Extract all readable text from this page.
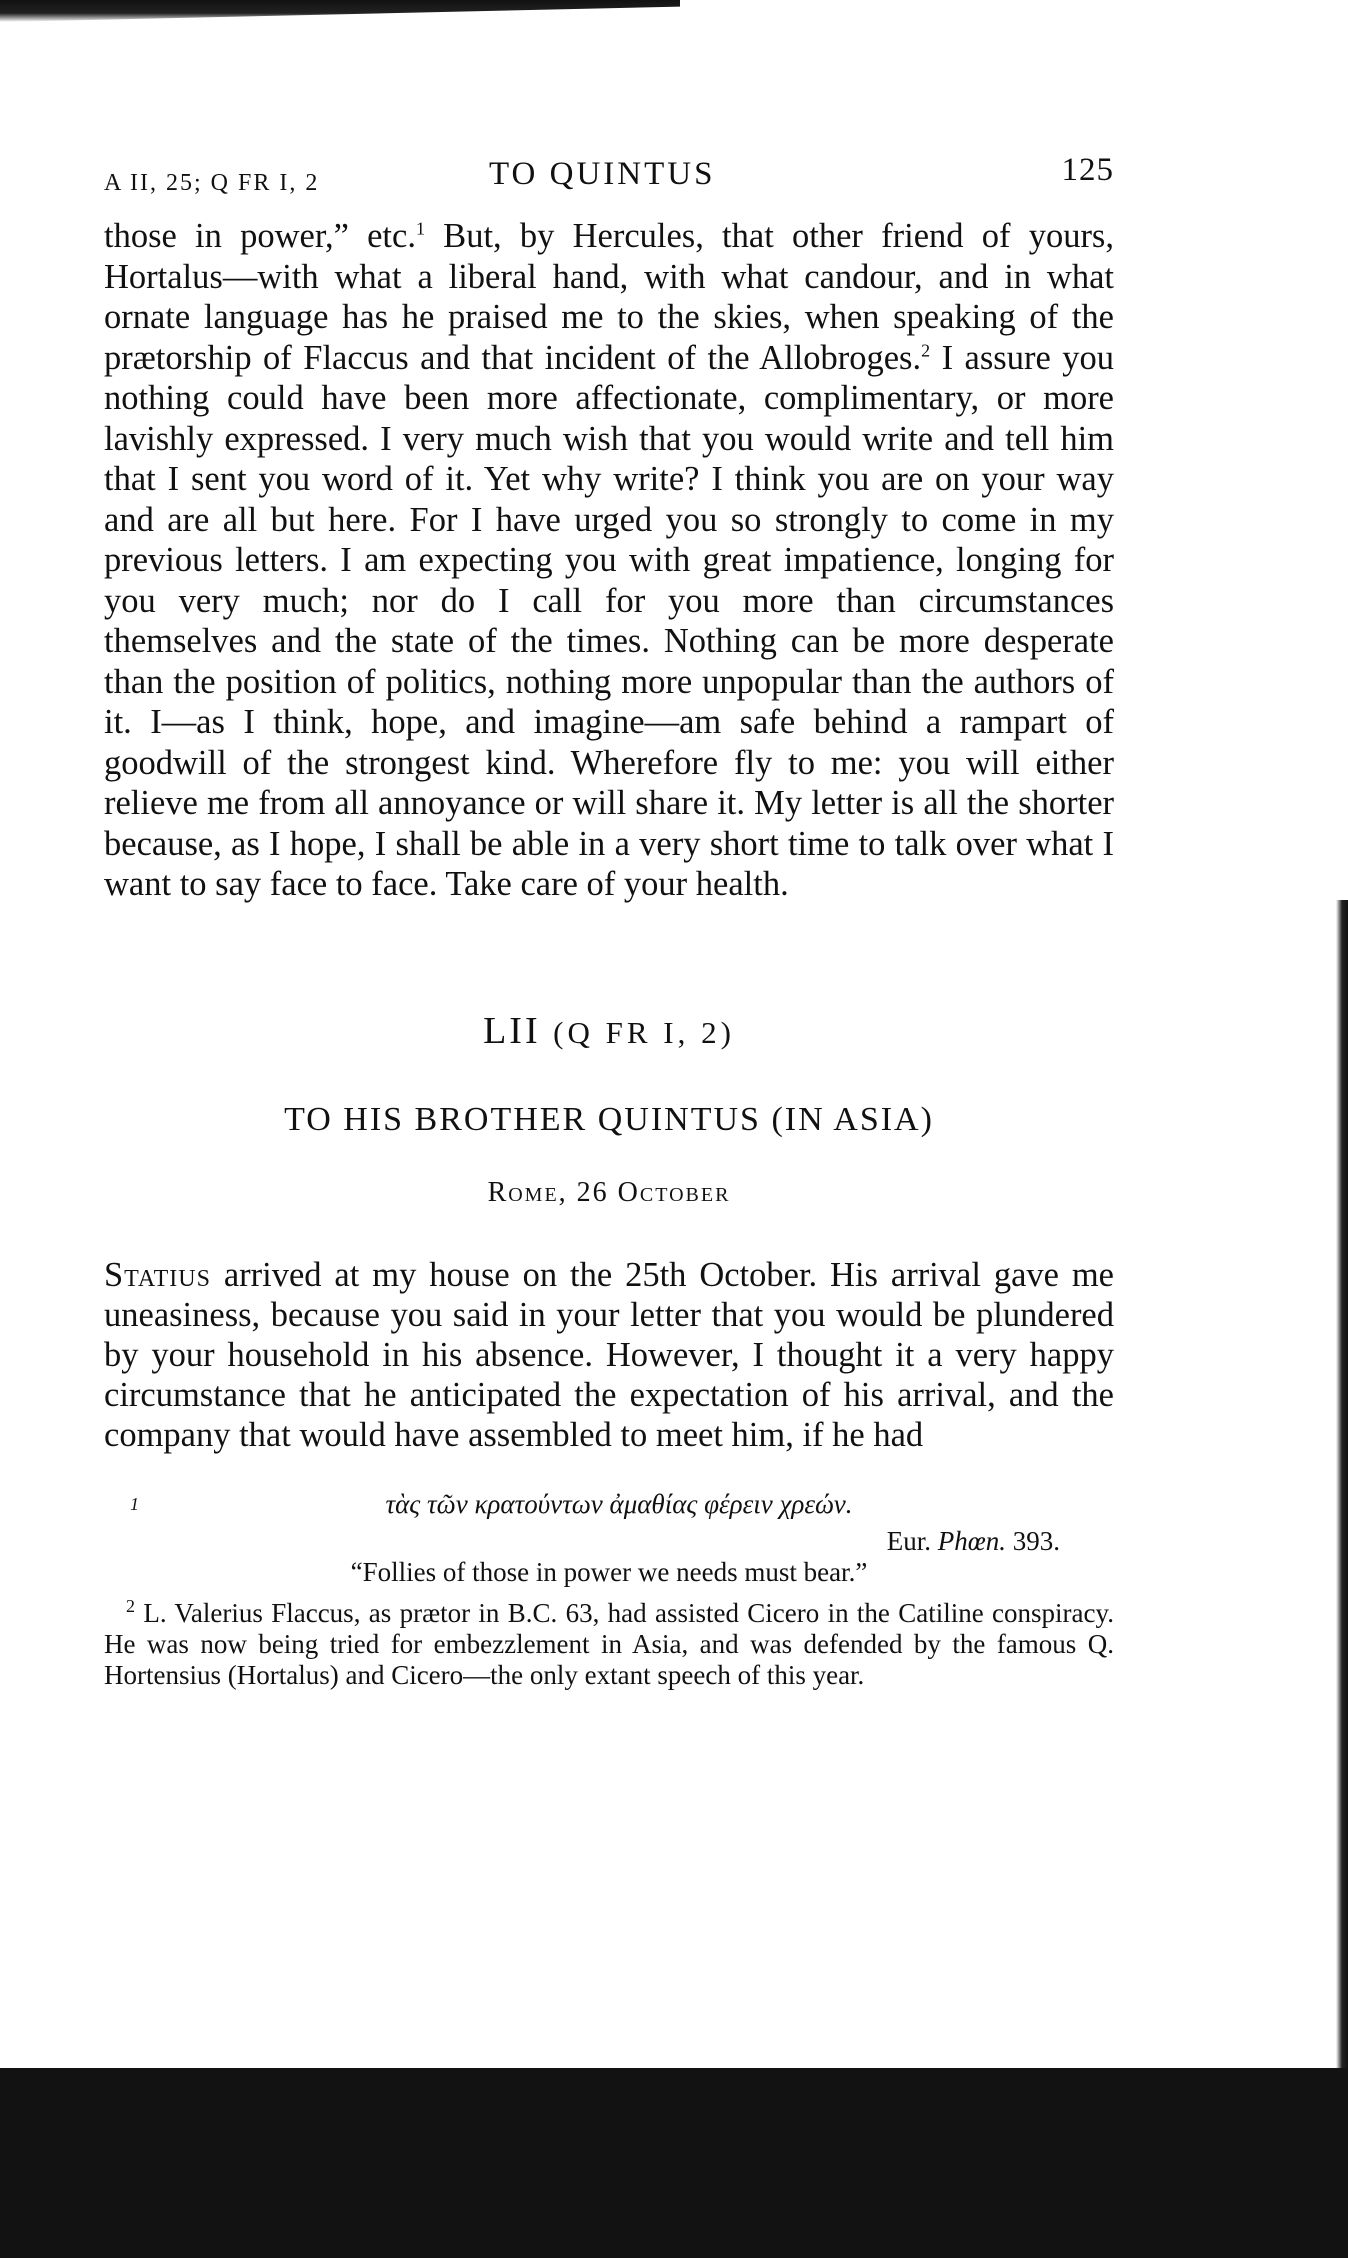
A II, 25; Q FR I, 2	TO QUINTUS	125

those in power,” etc.$^1$ But, by Hercules, that other friend of yours, Hortalus—with what a liberal hand, with what candour, and in what ornate language has he praised me to the skies, when speaking of the prætorship of Flaccus and that incident of the Allobroges.$^2$ I assure you nothing could have been more affectionate, complimentary, or more lavishly expressed. I very much wish that you would write and tell him that I sent you word of it. Yet why write? I think you are on your way and are all but here. For I have urged you so strongly to come in my previous letters. I am expecting you with great impatience, longing for you very much; nor do I call for you more than circumstances themselves and the state of the times. Nothing can be more desperate than the position of politics, nothing more unpopular than the authors of it. I—as I think, hope, and imagine—am safe behind a rampart of goodwill of the strongest kind. Wherefore fly to me: you will either relieve me from all annoyance or will share it. My letter is all the shorter because, as I hope, I shall be able in a very short time to talk over what I want to say face to face. Take care of your health.

LII (Q FR I, 2)
TO HIS BROTHER QUINTUS (IN ASIA)
Rome, 26 October

Statius arrived at my house on the 25th October. His arrival gave me uneasiness, because you said in your letter that you would be plundered by your household in his absence. However, I thought it a very happy circumstance that he anticipated the expectation of his arrival, and the company that would have assembled to meet him, if he had

1	τὰς τῶν κρατούντων ἀμαθίας φέρειν χρεών.
Eur. Phœn. 393.
“Follies of those in power we needs must bear.”

$^2$ L. Valerius Flaccus, as prætor in B.C. 63, had assisted Cicero in the Catiline conspiracy. He was now being tried for embezzlement in Asia, and was defended by the famous Q. Hortensius (Hortalus) and Cicero—the only extant speech of this year.
